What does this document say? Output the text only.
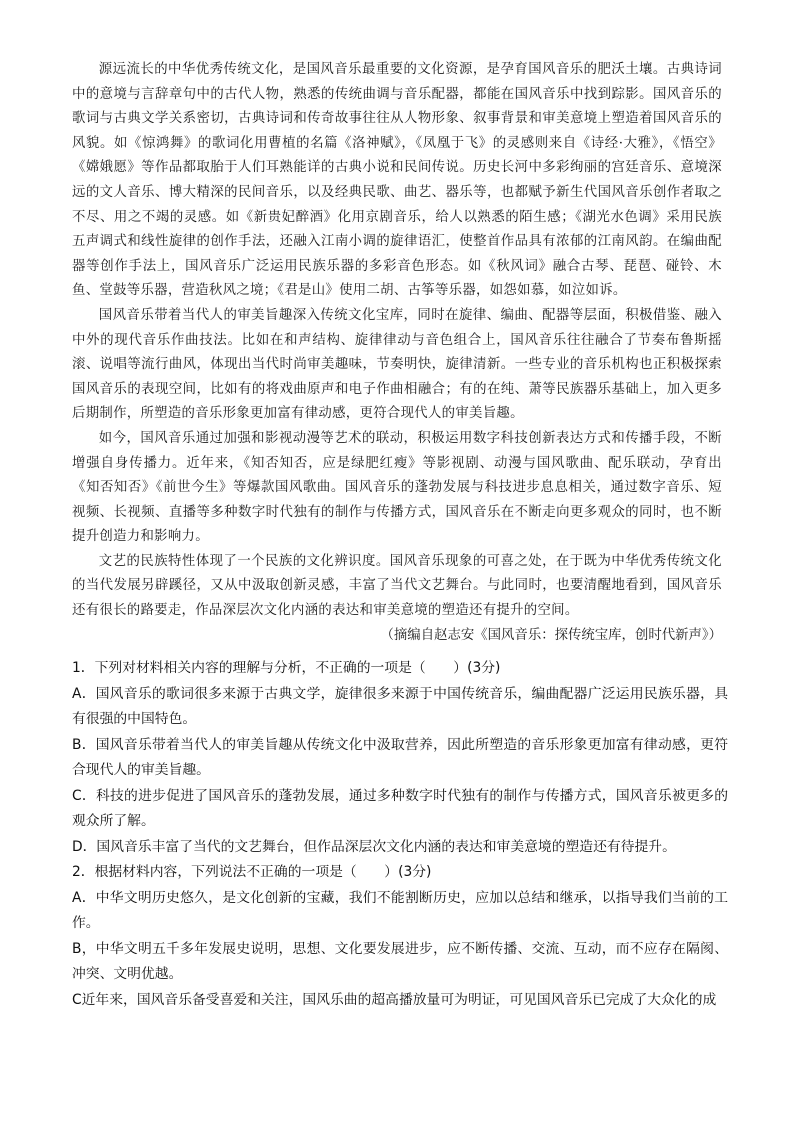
源远流长的中华优秀传统文化，是国风音乐最重要的文化资源，是孕育国风音乐的肥沃土壤。古典诗词中的意境与言辞章句中的古代人物，熟悉的传统曲调与音乐配器，都能在国风音乐中找到踪影。国风音乐的歌词与古典文学关系密切，古典诗词和传奇故事往往从人物形象、叙事背景和审美意境上塑造着国风音乐的风貌。如《惊鸿舞》的歌词化用曹植的名篇《洛神赋》，《凤凰于飞》的灵感则来自《诗经·大雅》，《悟空》《嫦娥愿》等作品都取胎于人们耳熟能详的古典小说和民间传说。历史长河中多彩绚丽的宫廷音乐、意境深远的文人音乐、博大精深的民间音乐，以及经典民歌、曲艺、器乐等，也都赋予新生代国风音乐创作者取之不尽、用之不竭的灵感。如《新贵妃醉酒》化用京剧音乐，给人以熟悉的陌生感；《湖光水色调》采用民族五声调式和线性旋律的创作手法，还融入江南小调的旋律语汇，使整首作品具有浓郁的江南风韵。在编曲配器等创作手法上，国风音乐广泛运用民族乐器的多彩音色形态。如《秋风词》融合古琴、琵琶、碰铃、木鱼、堂鼓等乐器，营造秋风之境；《君是山》使用二胡、古筝等乐器，如怨如慕，如泣如诉。

国风音乐带着当代人的审美旨趣深入传统文化宝库，同时在旋律、编曲、配器等层面，积极借鉴、融入中外的现代音乐作曲技法。比如在和声结构、旋律律动与音色组合上，国风音乐往往融合了节奏布鲁斯摇滚、说唱等流行曲风，体现出当代时尚审美趣味，节奏明快，旋律清新。一些专业的音乐机构也正积极探索国风音乐的表现空间，比如有的将戏曲原声和电子作曲相融合；有的在纯、萧等民族器乐基础上，加入更多后期制作，所塑造的音乐形象更加富有律动感，更符合现代人的审美旨趣。

如今，国风音乐通过加强和影视动漫等艺术的联动，积极运用数字科技创新表达方式和传播手段，不断增强自身传播力。近年来，《知否知否，应是绿肥红瘦》等影视剧、动漫与国风歌曲、配乐联动，孕育出《知否知否》《前世今生》等爆款国风歌曲。国风音乐的蓬勃发展与科技进步息息相关，通过数字音乐、短视频、长视频、直播等多种数字时代独有的制作与传播方式，国风音乐在不断走向更多观众的同时，也不断提升创造力和影响力。

文艺的民族特性体现了一个民族的文化辨识度。国风音乐现象的可喜之处，在于既为中华优秀传统文化的当代发展另辟蹊径，又从中汲取创新灵感，丰富了当代文艺舞台。与此同时，也要清醒地看到，国风音乐还有很长的路要走，作品深层次文化内涵的表达和审美意境的塑造还有提升的空间。

（摘编自赵志安《国风音乐：探传统宝库，创时代新声》）

1．下列对材料相关内容的理解与分析，不正确的一项是（　　）(3分)

A．国风音乐的歌词很多来源于古典文学，旋律很多来源于中国传统音乐，编曲配器广泛运用民族乐器，具有很强的中国特色。

B．国风音乐带着当代人的审美旨趣从传统文化中汲取营养，因此所塑造的音乐形象更加富有律动感，更符合现代人的审美旨趣。

C．科技的进步促进了国风音乐的蓬勃发展，通过多种数字时代独有的制作与传播方式，国风音乐被更多的观众所了解。

D．国风音乐丰富了当代的文艺舞台，但作品深层次文化内涵的表达和审美意境的塑造还有待提升。

2．根据材料内容，下列说法不正确的一项是（　　）(3分)

A．中华文明历史悠久，是文化创新的宝藏，我们不能割断历史，应加以总结和继承，以指导我们当前的工作。

B，中华文明五千多年发展史说明，思想、文化要发展进步，应不断传播、交流、互动，而不应存在隔阂、冲突、文明优越。

C近年来，国风音乐备受喜爱和关注，国风乐曲的超高播放量可为明证，可见国风音乐已完成了大众化的成
